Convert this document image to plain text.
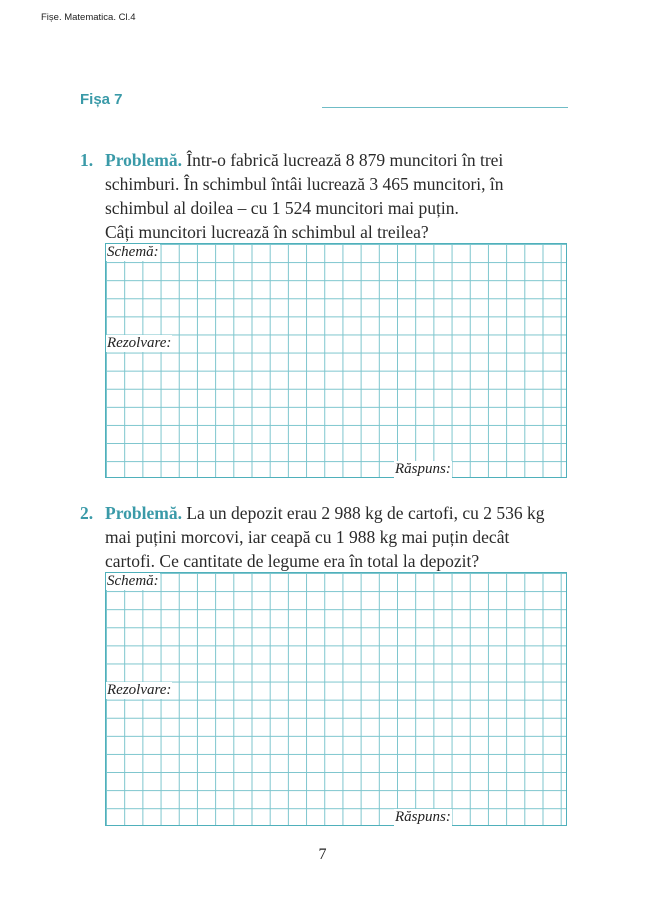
Fișe. Matematica. Cl.4
Fișa 7
1. Problemă. Într-o fabrică lucrează 8 879 muncitori în trei
schimburi. În schimbul întâi lucrează 3 465 muncitori, în
schimbul al doilea – cu 1 524 muncitori mai puțin.
Câți muncitori lucrează în schimbul al treilea?
Schemă:
Rezolvare:
Răspuns:
2. Problemă. La un depozit erau 2 988 kg de cartofi, cu 2 536 kg
mai puțini morcovi, iar ceapă cu 1 988 kg mai puțin decât
cartofi. Ce cantitate de legume era în total la depozit?
Schemă:
Rezolvare:
Răspuns:
7
